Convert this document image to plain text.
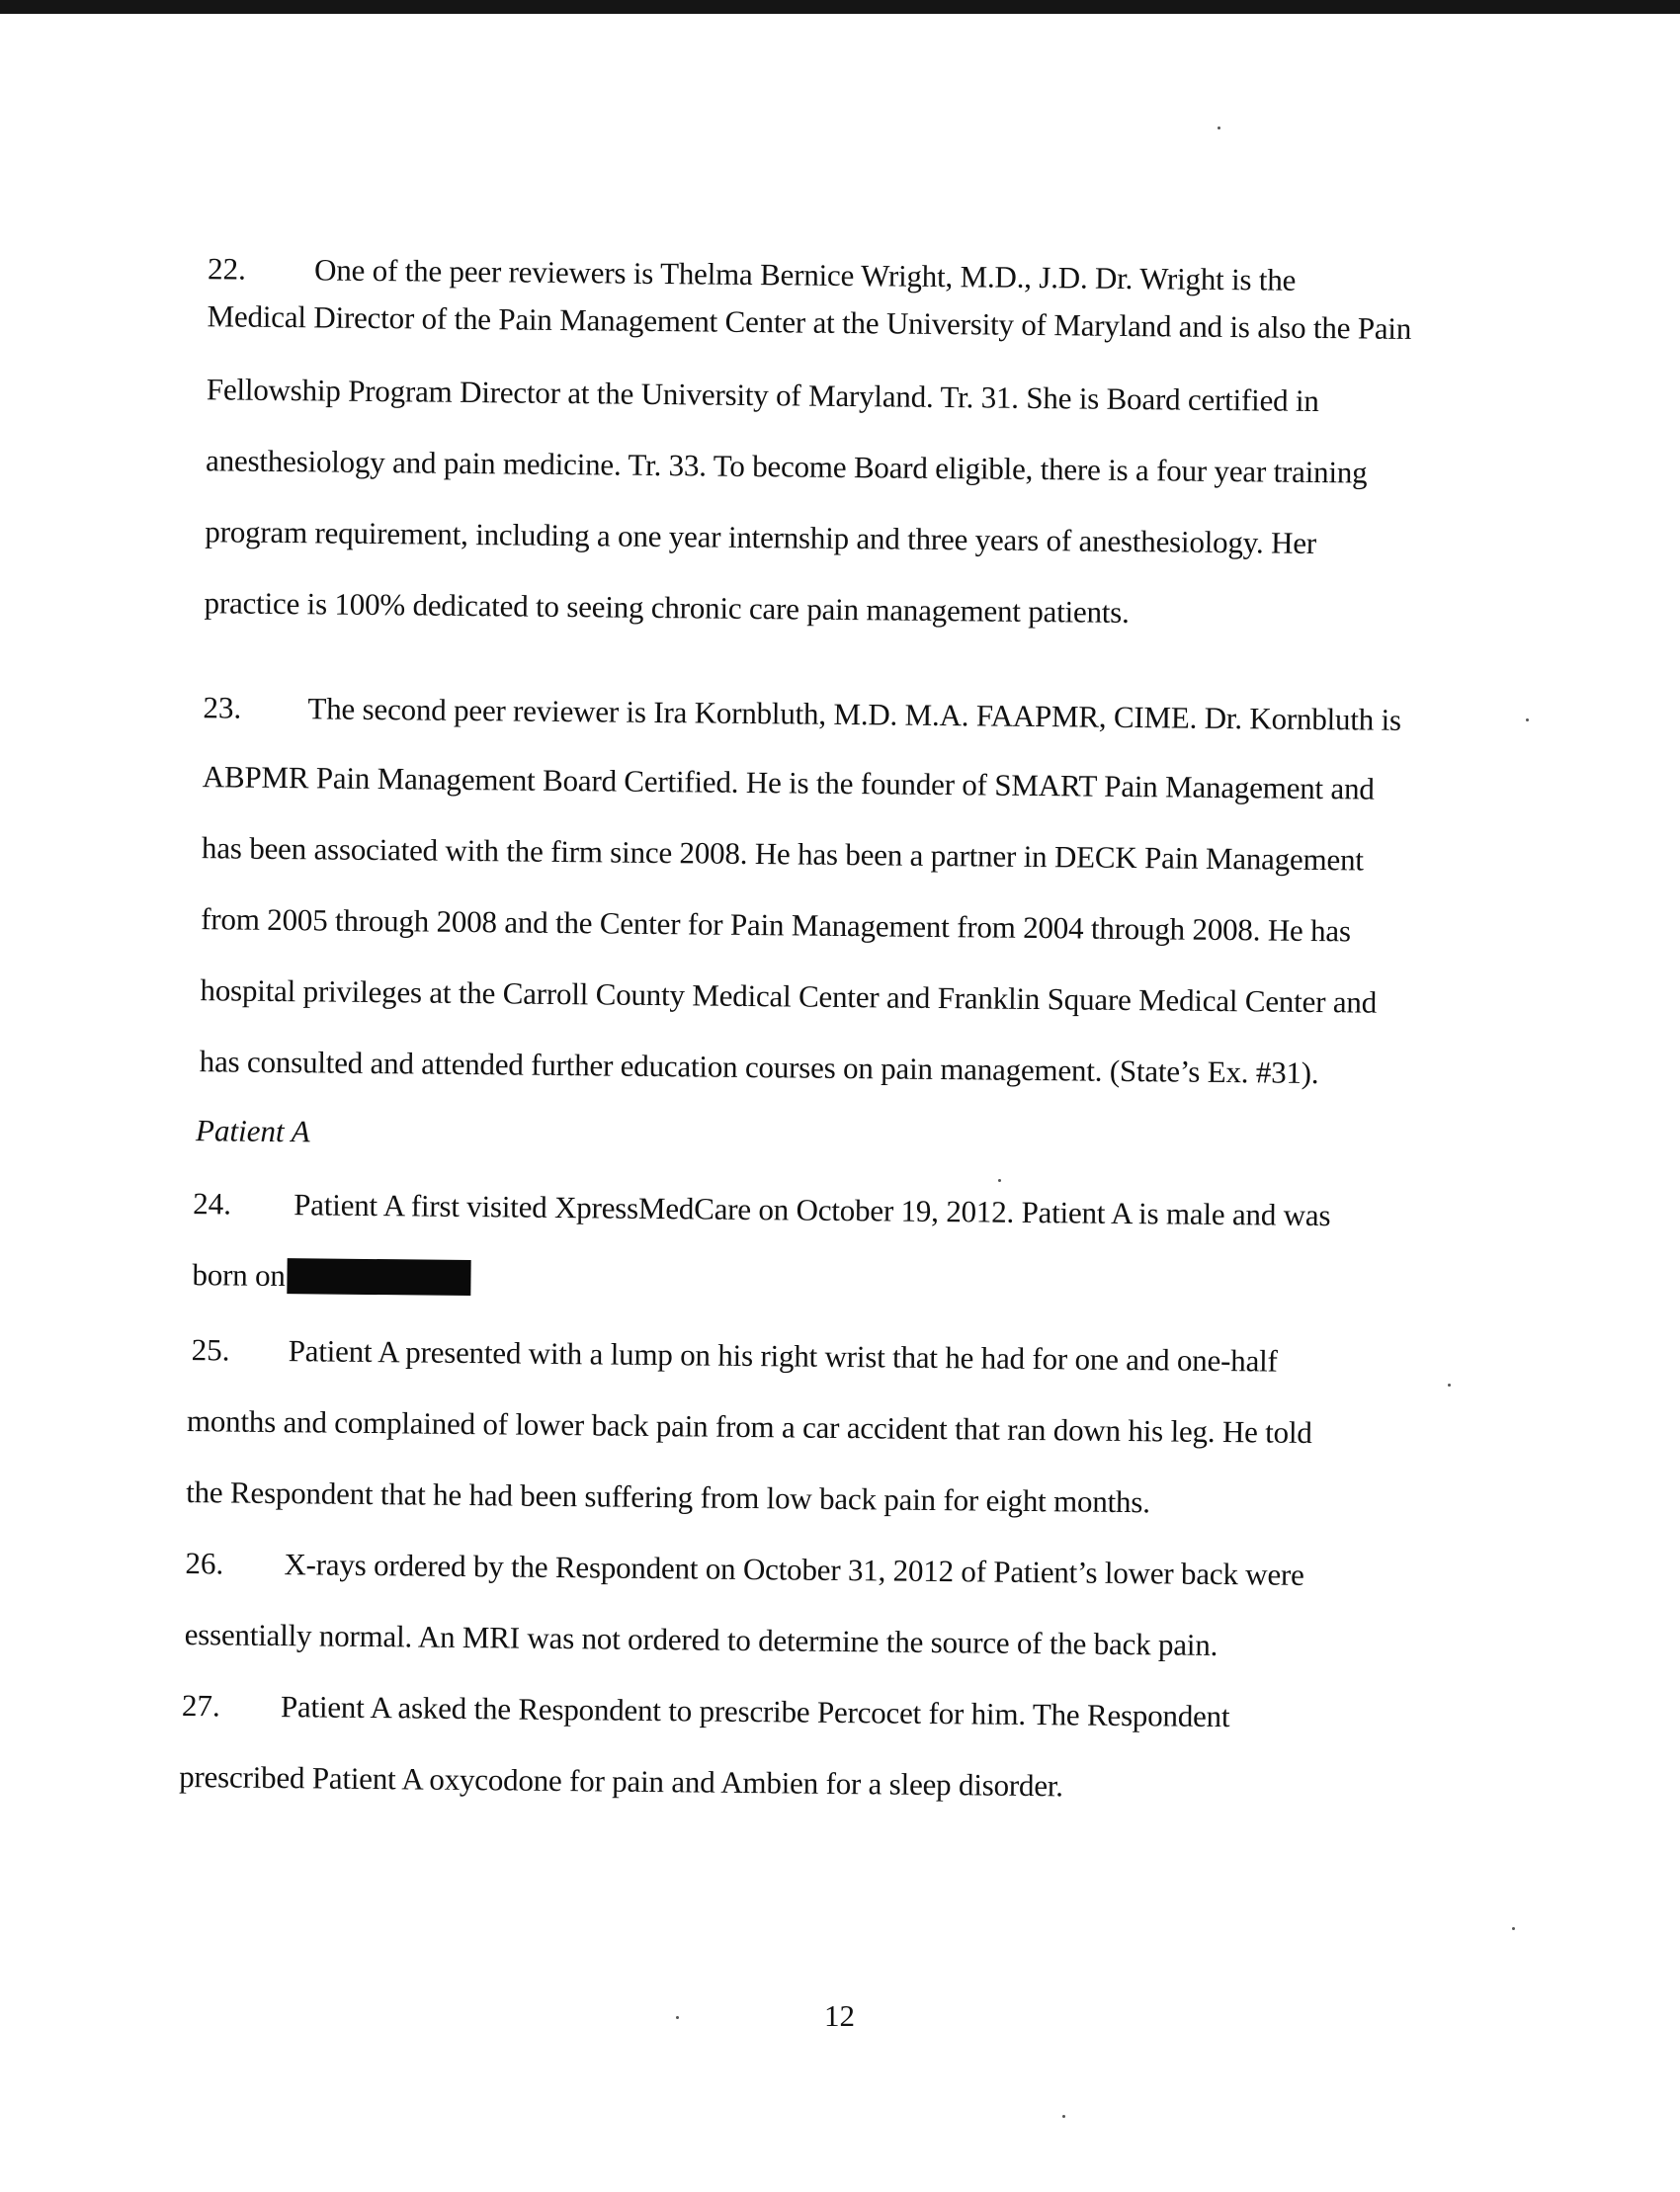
22. One of the peer reviewers is Thelma Bernice Wright, M.D., J.D. Dr. Wright is the
Medical Director of the Pain Management Center at the University of Maryland and is also the Pain
Fellowship Program Director at the University of Maryland. Tr. 31. She is Board certified in
anesthesiology and pain medicine. Tr. 33. To become Board eligible, there is a four year training
program requirement, including a one year internship and three years of anesthesiology. Her
practice is 100% dedicated to seeing chronic care pain management patients.
23. The second peer reviewer is Ira Kornbluth, M.D. M.A. FAAPMR, CIME. Dr. Kornbluth is
ABPMR Pain Management Board Certified. He is the founder of SMART Pain Management and
has been associated with the firm since 2008. He has been a partner in DECK Pain Management
from 2005 through 2008 and the Center for Pain Management from 2004 through 2008. He has
hospital privileges at the Carroll County Medical Center and Franklin Square Medical Center and
has consulted and attended further education courses on pain management. (State’s Ex. #31).
Patient A
24. Patient A first visited XpressMedCare on October 19, 2012. Patient A is male and was
born on
25. Patient A presented with a lump on his right wrist that he had for one and one-half
months and complained of lower back pain from a car accident that ran down his leg. He told
the Respondent that he had been suffering from low back pain for eight months.
26. X-rays ordered by the Respondent on October 31, 2012 of Patient’s lower back were
essentially normal. An MRI was not ordered to determine the source of the back pain.
27. Patient A asked the Respondent to prescribe Percocet for him. The Respondent
prescribed Patient A oxycodone for pain and Ambien for a sleep disorder.
12
